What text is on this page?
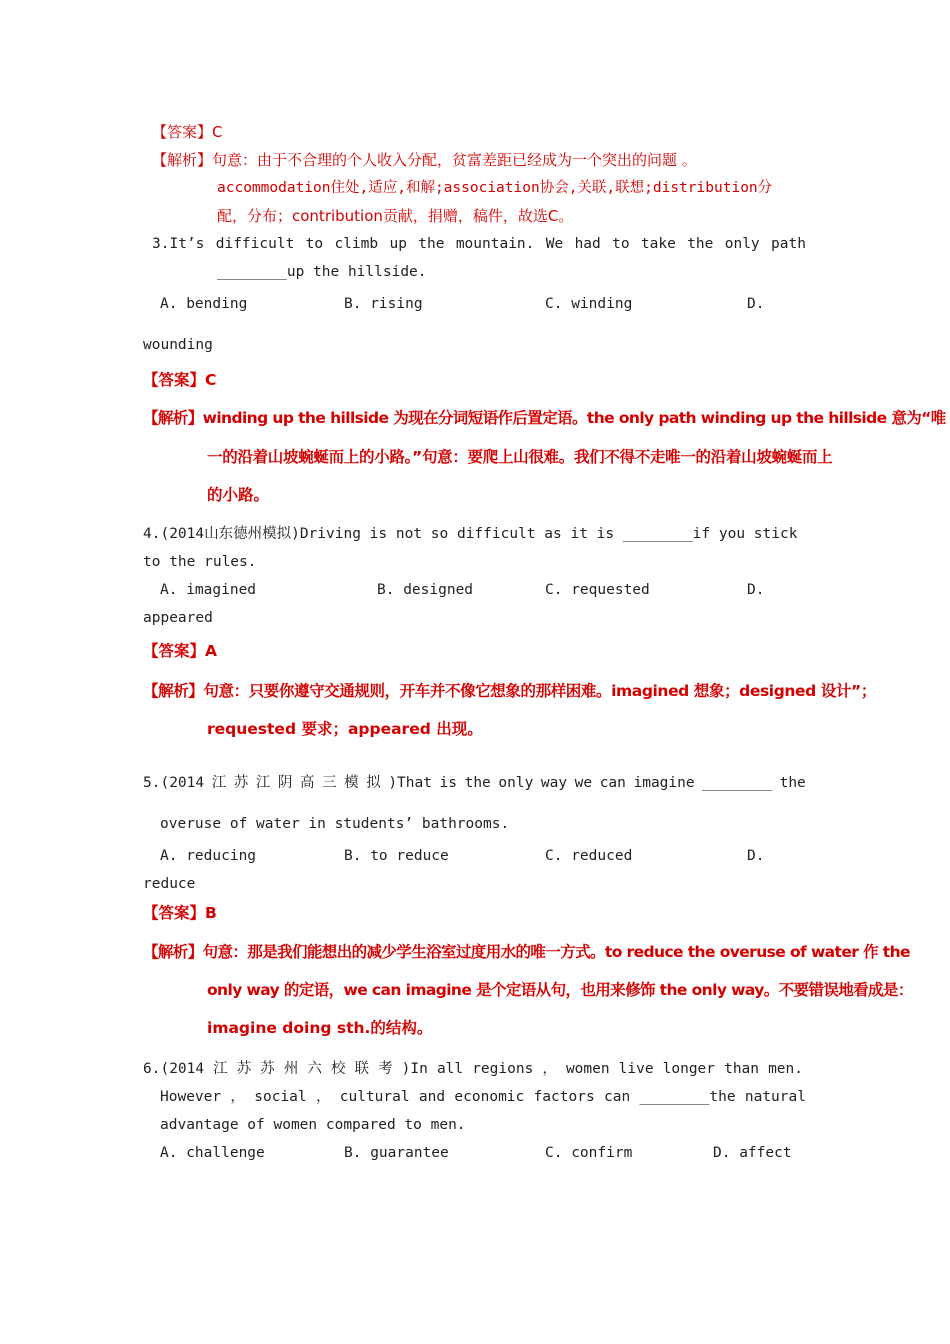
【答案】C
【解析】句意：由于不合理的个人收入分配，贫富差距已经成为一个突出的问题 。
accommodation住处,适应,和解;association协会,关联,联想;distribution分
配，分布；contribution贡献，捐赠，稿件，故选C。
3.It’s difficult to climb up the mountain. We had to take the only path
________up the hillside.
A. bending	B. rising	C. winding	D.
wounding
【答案】C
【解析】winding up the hillside 为现在分词短语作后置定语。the only path winding up the hillside 意为“唯
一的沿着山坡蜿蜒而上的小路。”句意：要爬上山很难。我们不得不走唯一的沿着山坡蜿蜒而上
的小路。
4.(2014山东德州模拟)Driving is not so difficult as it is ________if you stick
to the rules.
A. imagined	B. designed	C. requested	D.
appeared
【答案】A
【解析】句意：只要你遵守交通规则，开车并不像它想象的那样困难。imagined 想象；designed 设计”；
requested 要求；appeared 出现。
5.(2014 江 苏 江 阴 高 三 模 拟 )That is the only way we can imagine ________ the
overuse of water in students’ bathrooms.
A. reducing	B. to reduce	C. reduced	D.
reduce
【答案】B
【解析】句意：那是我们能想出的减少学生浴室过度用水的唯一方式。to reduce the overuse of water 作 the
only way 的定语，we can imagine 是个定语从句，也用来修饰 the only way。不要错误地看成是：
imagine doing sth.的结构。
6.(2014 江 苏 苏 州 六 校 联 考 )In all regions ， women live longer than men.
However ， social ， cultural and economic factors can ________the natural
advantage of women compared to men.
A. challenge	B. guarantee	C. confirm	D. affect
